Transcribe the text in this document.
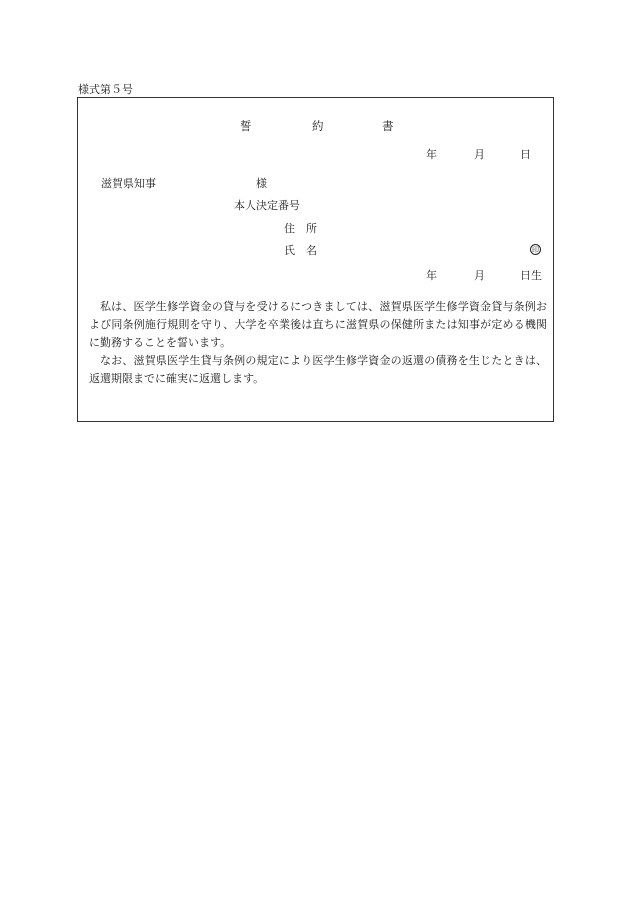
様式第５号
誓	約	書
年	月	日
滋賀県知事	様
本人決定番号
住　所
氏　名	印
年	月	日生

私は、医学生修学資金の貸与を受けるにつきましては、滋賀県医学生修学資金貸与条例および同条例施行規則を守り、大学を卒業後は直ちに滋賀県の保健所または知事が定める機関に勤務することを誓います。

なお、滋賀県医学生貸与条例の規定により医学生修学資金の返還の債務を生じたときは、返還期限までに確実に返還します。
